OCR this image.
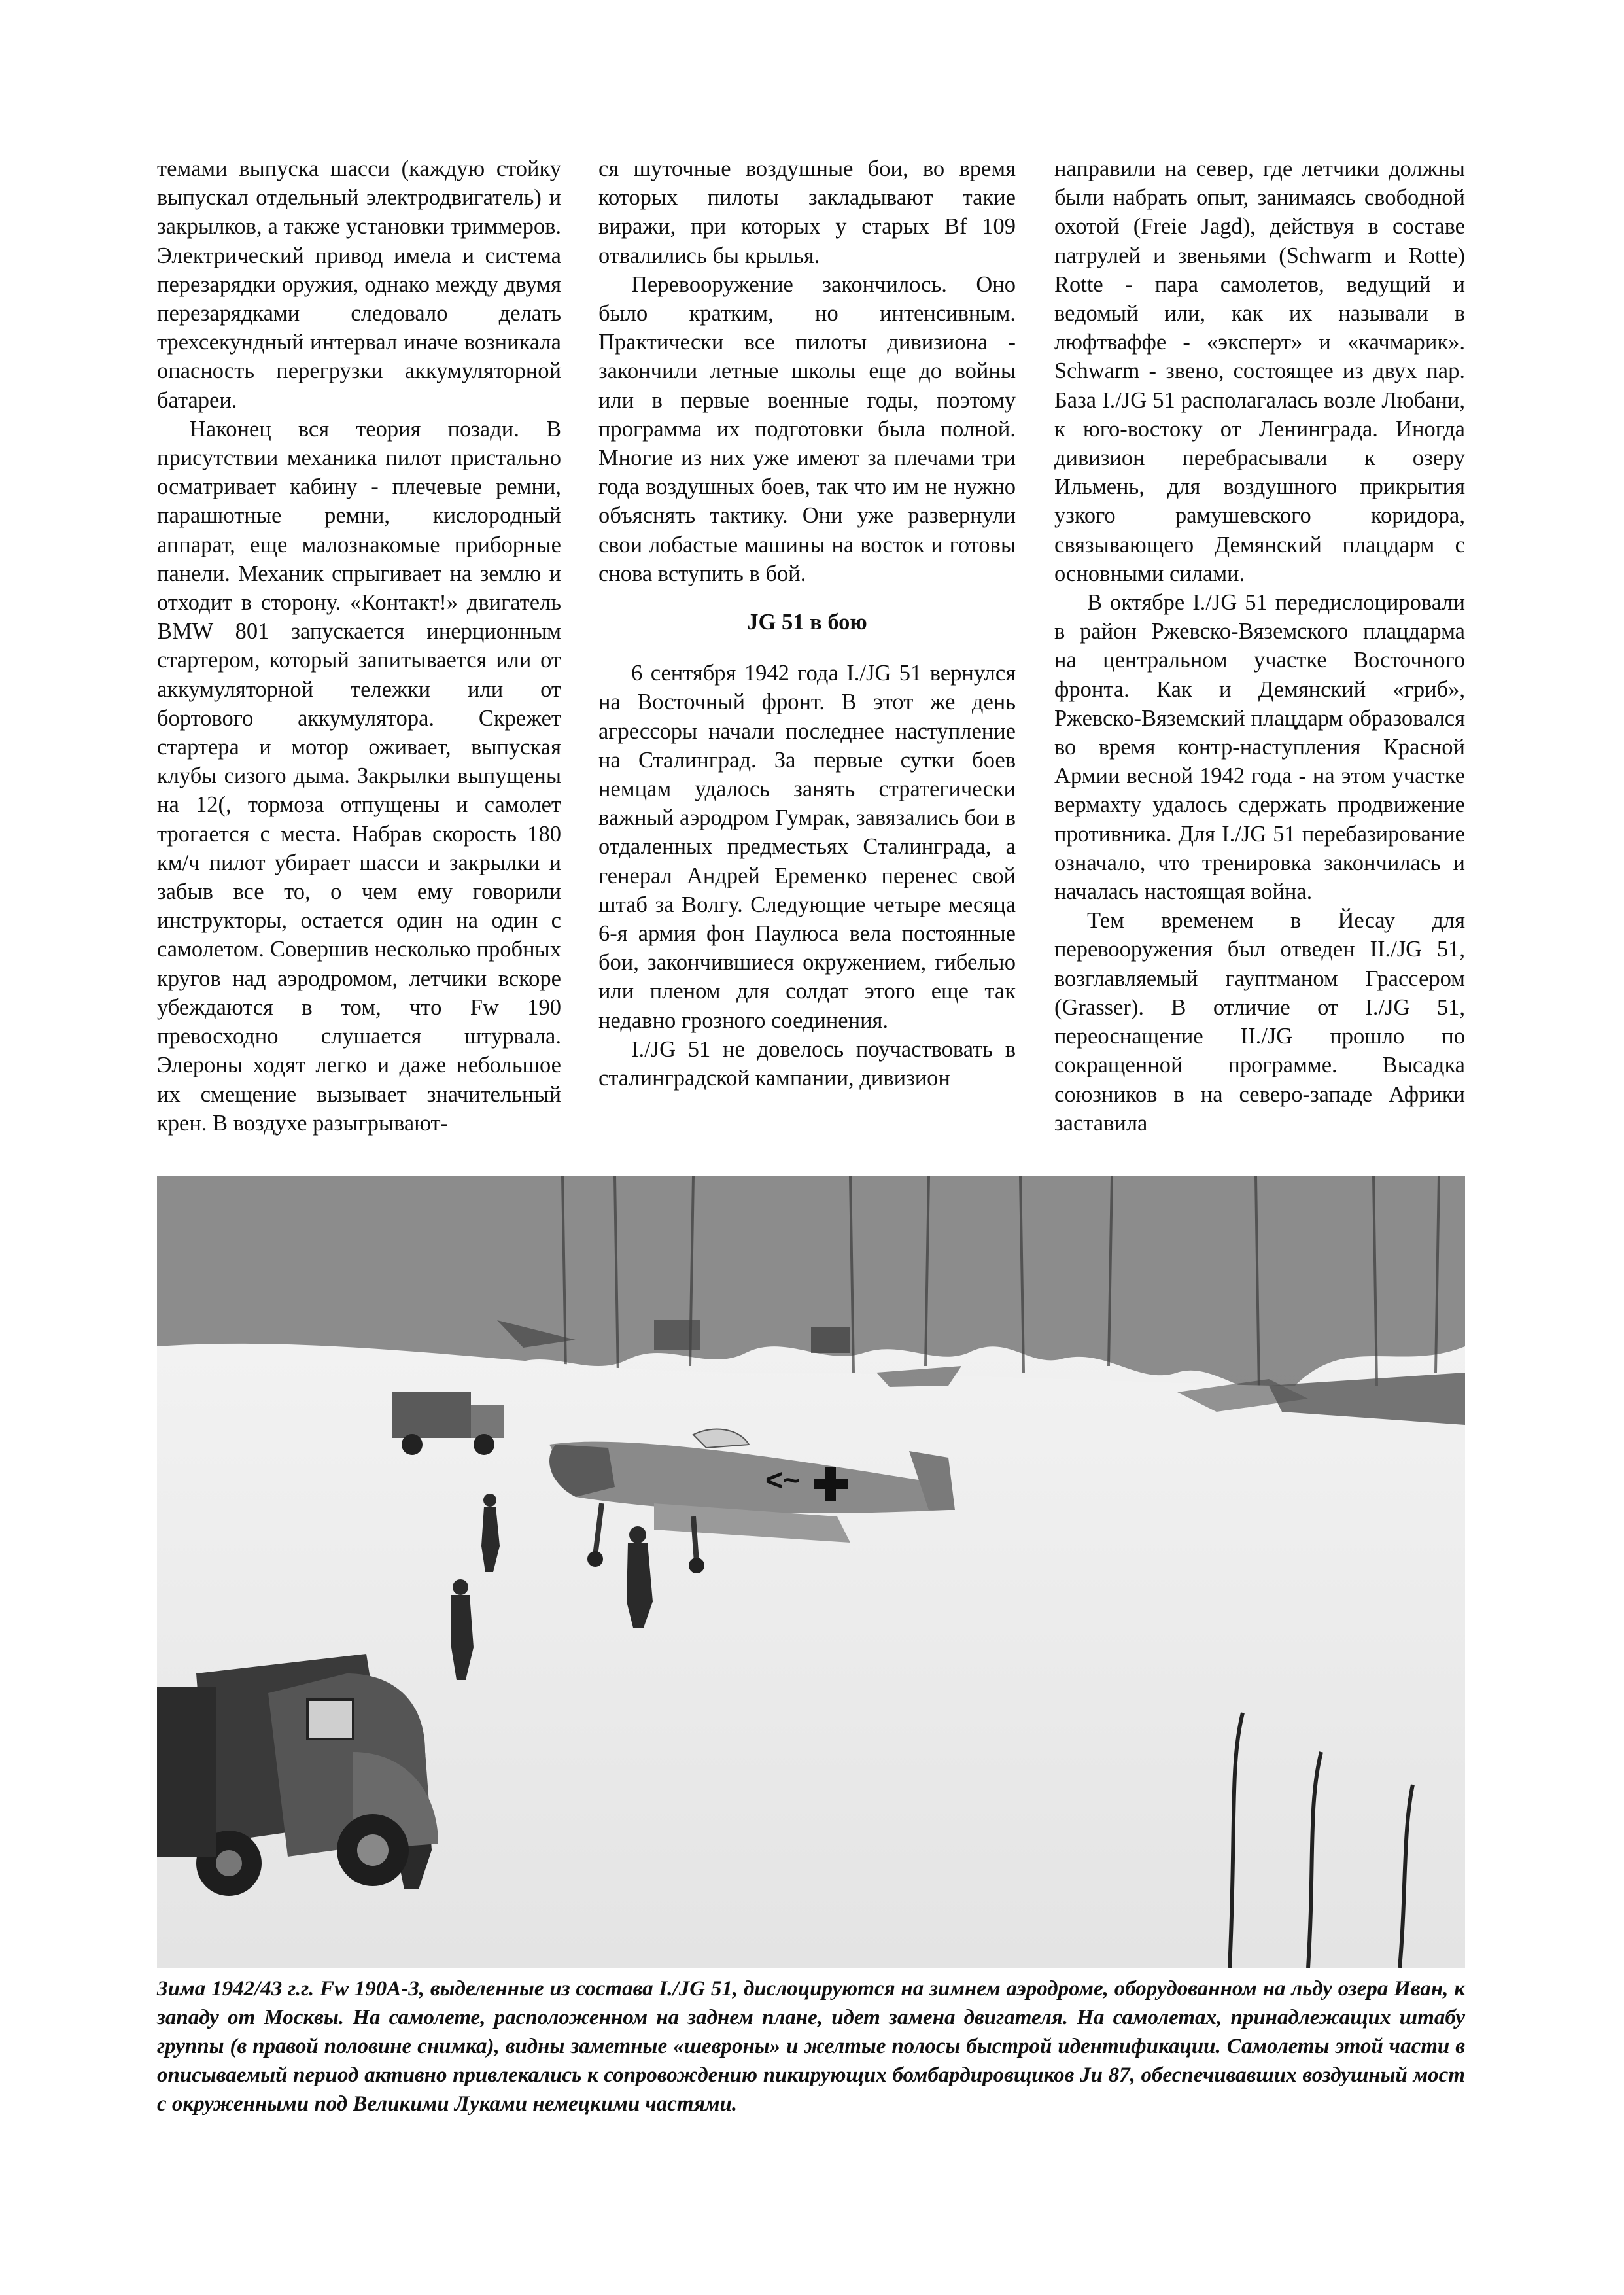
темами выпуска шасси (каждую стойку выпускал отдельный электродвигатель) и закрылков, а также установки триммеров. Электрический привод имела и система перезарядки оружия, однако между двумя перезарядками следовало делать трехсекундный интервал иначе возникала опасность перегрузки аккумуляторной батареи.

Наконец вся теория позади. В присутствии механика пилот пристально осматривает кабину - плечевые ремни, парашютные ремни, кислородный аппарат, еще малознакомые приборные панели. Механик спрыгивает на землю и отходит в сторону. «Контакт!» двигатель BMW 801 запускается инерционным стартером, который запитывается или от аккумуляторной тележки или от бортового аккумулятора. Скрежет стартера и мотор оживает, выпуская клубы сизого дыма. Закрылки выпущены на 12(, тормоза отпущены и самолет трогается с места. Набрав скорость 180 км/ч пилот убирает шасси и закрылки и забыв все то, о чем ему говорили инструкторы, остается один на один с самолетом. Совершив несколько пробных кругов над аэродромом, летчики вскоре убеждаются в том, что Fw 190 превосходно слушается штурвала. Элероны ходят легко и даже небольшое их смещение вызывает значительный крен. В воздухе разыгрывают-

ся шуточные воздушные бои, во время которых пилоты закладывают такие виражи, при которых у старых Bf 109 отвалились бы крылья.

Перевооружение закончилось. Оно было кратким, но интенсивным. Практически все пилоты дивизиона - закончили летные школы еще до войны или в первые военные годы, поэтому программа их подготовки была полной. Многие из них уже имеют за плечами три года воздушных боев, так что им не нужно объяснять тактику. Они уже развернули свои лобастые машины на восток и готовы снова вступить в бой.

JG 51 в бою

6 сентября 1942 года I./JG 51 вернулся на Восточный фронт. В этот же день агрессоры начали последнее наступление на Сталинград. За первые сутки боев немцам удалось занять стратегически важный аэродром Гумрак, завязались бои в отдаленных предместьях Сталинграда, а генерал Андрей Еременко перенес свой штаб за Волгу. Следующие четыре месяца 6-я армия фон Паулюса вела постоянные бои, закончившиеся окружением, гибелью или пленом для солдат этого еще так недавно грозного соединения.

I./JG 51 не довелось поучаствовать в сталинградской кампании, дивизион

направили на север, где летчики должны были набрать опыт, занимаясь свободной охотой (Freie Jagd), действуя в составе патрулей и звеньями (Schwarm и Rotte) Rotte - пара самолетов, ведущий и ведомый или, как их называли в люфтваффе - «эксперт» и «качмарик». Schwarm - звено, состоящее из двух пар. База I./JG 51 располагалась возле Любани, к юго-востоку от Ленинграда. Иногда дивизион перебрасывали к озеру Ильмень, для воздушного прикрытия узкого рамушевского коридора, связывающего Демянский плацдарм с основными силами.

В октябре I./JG 51 передислоцировали в район Ржевско-Вяземского плацдарма на центральном участке Восточного фронта. Как и Демянский «гриб», Ржевско-Вяземский плацдарм образовался во время контр-наступления Красной Армии весной 1942 года - на этом участке вермахту удалось сдержать продвижение противника. Для I./JG 51 перебазирование означало, что тренировка закончилась и началась настоящая война.

Тем временем в Йесау для перевооружения был отведен II./JG 51, возглавляемый гауптманом Грассером (Grasser). В отличие от I./JG 51, переоснащение II./JG прошло по сокращенной программе. Высадка союзников в на северо-западе Африки заставила

<~
Зима 1942/43 г.г. Fw 190А-3, выделенные из состава I./JG 51, дислоцируются на зимнем аэродроме, оборудованном на льду озера Иван, к западу от Москвы. На самолете, расположенном на заднем плане, идет замена двигателя. На самолетах, принадлежащих штабу группы (в правой половине снимка), видны заметные «шевроны» и желтые полосы быстрой идентификации. Самолеты этой части в описываемый период активно привлекались к сопровождению пикирующих бомбардировщиков Ju 87, обеспечивавших воздушный мост с окруженными под Великими Луками немецкими частями.
